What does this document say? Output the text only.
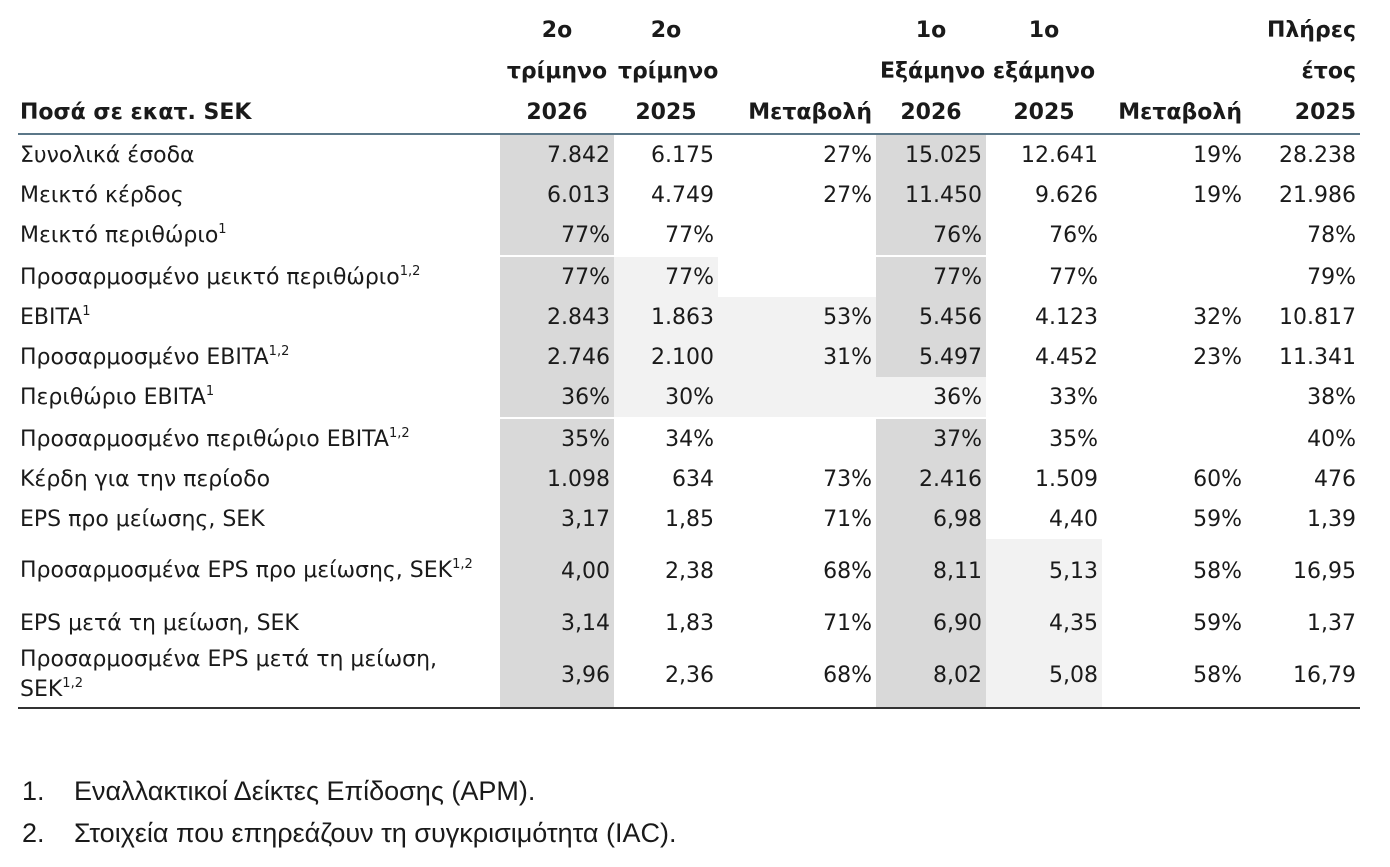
Ποσά σε εκατ. SEK	2ο
τρίμηνο
2026	2ο
τρίμηνο
2025	Μεταβολή	1ο
Εξάμηνο
2026	1ο
εξάμηνο
2025	Μεταβολή	Πλήρες
έτος
2025
Συνολικά έσοδα	7.842	6.175	27%	15.025	12.641	19%	28.238
Μεικτό κέρδος	6.013	4.749	27%	11.450	9.626	19%	21.986
Μεικτό περιθώριο$^1$	77%	77%		76%	76%		78%
Προσαρμοσμένο μεικτό περιθώριο$^{1,2}$	77%	77%		77%	77%		79%
EBITA$^1$	2.843	1.863	53%	5.456	4.123	32%	10.817
Προσαρμοσμένο EBITA$^{1,2}$	2.746	2.100	31%	5.497	4.452	23%	11.341
Περιθώριο EBITA$^1$	36%	30%		36%	33%		38%
Προσαρμοσμένο περιθώριο EBITA$^{1,2}$	35%	34%		37%	35%		40%
Κέρδη για την περίοδο	1.098	634	73%	2.416	1.509	60%	476
EPS προ μείωσης, SEK	3,17	1,85	71%	6,98	4,40	59%	1,39
Προσαρμοσμένα EPS προ μείωσης, SEK$^{1,2}$	4,00	2,38	68%	8,11	5,13	58%	16,95
EPS μετά τη μείωση, SEK	3,14	1,83	71%	6,90	4,35	59%	1,37
Προσαρμοσμένα EPS μετά τη μείωση, SEK$^{1,2}$	3,96	2,36	68%	8,02	5,08	58%	16,79
1.	Εναλλακτικοί Δείκτες Επίδοσης (APM).
2.	Στοιχεία που επηρεάζουν τη συγκρισιμότητα (IAC).
